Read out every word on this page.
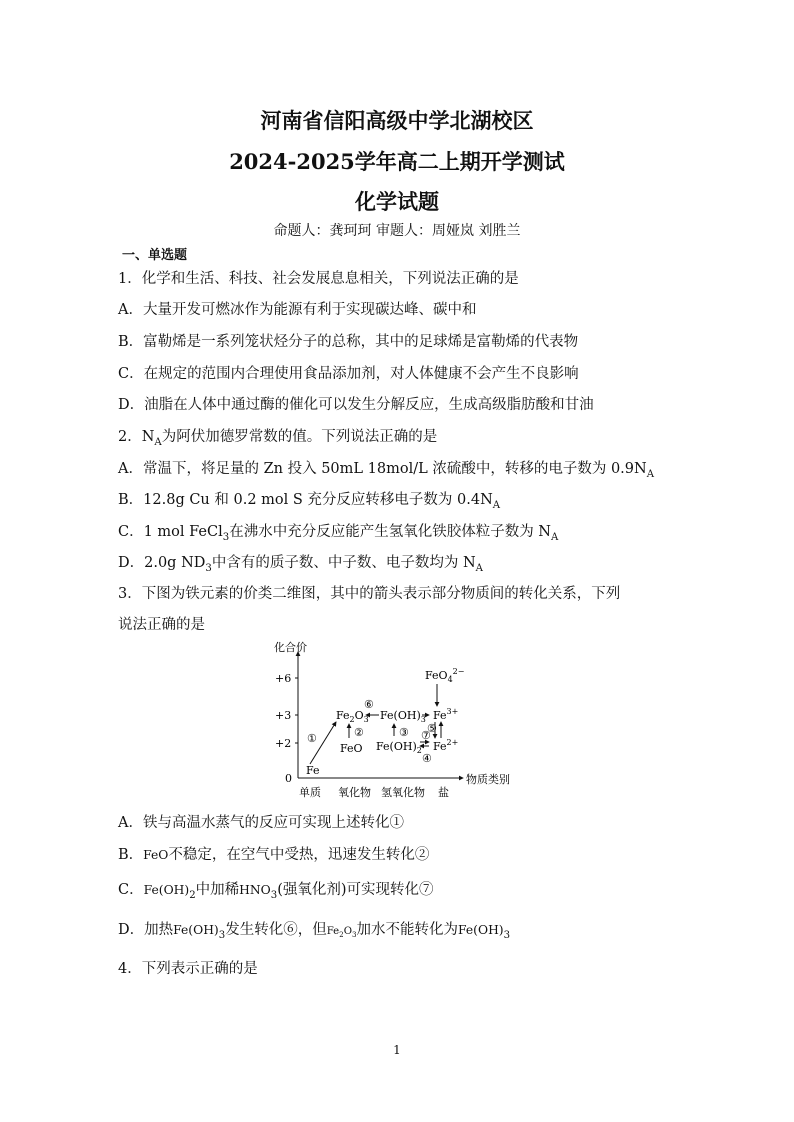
河南省信阳高级中学北湖校区
2024-2025学年高二上期开学测试
化学试题
命题人：龚珂珂 审题人：周娅岚 刘胜兰
一、单选题
1．化学和生活、科技、社会发展息息相关，下列说法正确的是
A．大量开发可燃冰作为能源有利于实现碳达峰、碳中和
B．富勒烯是一系列笼状烃分子的总称，其中的足球烯是富勒烯的代表物
C．在规定的范围内合理使用食品添加剂，对人体健康不会产生不良影响
D．油脂在人体中通过酶的催化可以发生分解反应，生成高级脂肪酸和甘油
2．$N_A$为阿伏加德罗常数的值。下列说法正确的是
A．常温下，将足量的 Zn 投入 50mL 18mol/L 浓硫酸中，转移的电子数为 $0.9N_A$
B．12.8g Cu 和 0.2 mol S 充分反应转移电子数为 $0.4N_A$
C．1 mol FeCl$_3$在沸水中充分反应能产生氢氧化铁胶体粒子数为 $N_A$
D．2.0g $ND_3$中含有的质子数、中子数、电子数均为 $N_A$
3．下图为铁元素的价类二维图，其中的箭头表示部分物质间的转化关系，下列
说法正确的是
化合价
物质类别
+6
+3
+2
0
单质 氧化物 氢氧化物 盐
Fe
FeO
$Fe_2O_3$ $Fe(OH)_3$
$Fe(OH)_2$
$Fe^{3+}$
$Fe^{2+}$
FeO$_4^{2-}$
①	②	③
④
⑤
⑥
⑦
A．铁与高温水蒸气的反应可实现上述转化①
B．FeO不稳定，在空气中受热，迅速发生转化②
C．$Fe(OH)_2$中加稀$HNO_3$(强氧化剂)可实现转化⑦
D．加热$Fe(OH)_3$发生转化⑥，但$Fe_2O_3$加水不能转化为$Fe(OH)_3$
4．下列表示正确的是
1
